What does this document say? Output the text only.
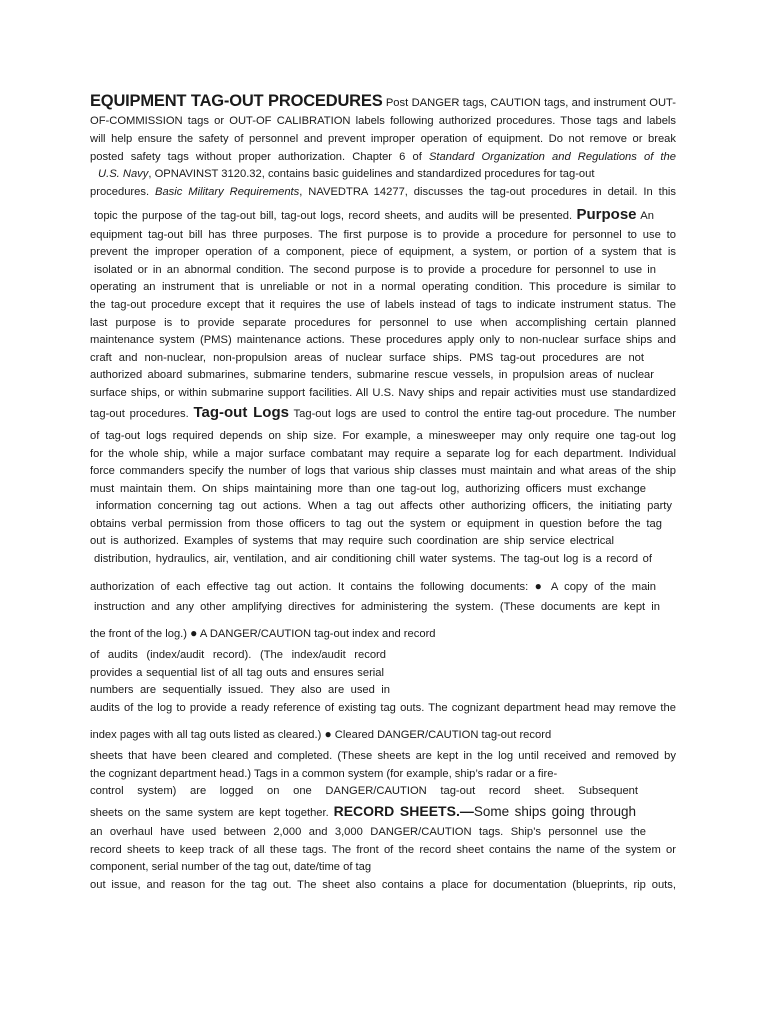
EQUIPMENT TAG-OUT PROCEDURES Post DANGER tags, CAUTION tags, and instrument OUT-
OF-COMMISSION tags or OUT-OF CALIBRATION labels following authorized procedures. Those tags and labels
will help ensure the safety of personnel and prevent improper operation of equipment. Do not remove or break
posted safety tags without proper authorization. Chapter 6 of Standard Organization and Regulations of the
U.S. Navy, OPNAVINST 3120.32, contains basic guidelines and standardized procedures for tag-out
procedures. Basic Military Requirements, NAVEDTRA 14277, discusses the tag-out procedures in detail. In this
topic the purpose of the tag-out bill, tag-out logs, record sheets, and audits will be presented. Purpose An
equipment tag-out bill has three purposes. The first purpose is to provide a procedure for personnel to use to
prevent the improper operation of a component, piece of equipment, a system, or portion of a system that is
isolated or in an abnormal condition. The second purpose is to provide a procedure for personnel to use in
operating an instrument that is unreliable or not in a normal operating condition. This procedure is similar to
the tag-out procedure except that it requires the use of labels instead of tags to indicate instrument status. The
last purpose is to provide separate procedures for personnel to use when accomplishing certain planned
maintenance system (PMS) maintenance actions. These procedures apply only to non-nuclear surface ships and
craft and non-nuclear, non-propulsion areas of nuclear surface ships. PMS tag-out procedures are not
authorized aboard submarines, submarine tenders, submarine rescue vessels, in propulsion areas of nuclear
surface ships, or within submarine support facilities. All U.S. Navy ships and repair activities must use standardized
tag-out procedures. Tag-out Logs Tag-out logs are used to control the entire tag-out procedure. The number
of tag-out logs required depends on ship size. For example, a minesweeper may only require one tag-out log
for the whole ship, while a major surface combatant may require a separate log for each department. Individual
force commanders specify the number of logs that various ship classes must maintain and what areas of the ship
must maintain them. On ships maintaining more than one tag-out log, authorizing officers must exchange
information concerning tag out actions. When a tag out affects other authorizing officers, the initiating party
obtains verbal permission from those officers to tag out the system or equipment in question before the tag
out is authorized. Examples of systems that may require such coordination are ship service electrical
distribution, hydraulics, air, ventilation, and air conditioning chill water systems. The tag-out log is a record of
authorization of each effective tag out action. It contains the following documents: ● A copy of the main
instruction and any other amplifying directives for administering the system. (These documents are kept in
the front of the log.) ● A DANGER/CAUTION tag-out index and record
of audits (index/audit record). (The index/audit record
provides a sequential list of all tag outs and ensures serial
numbers are sequentially issued. They also are used in
audits of the log to provide a ready reference of existing tag outs. The cognizant department head may remove the
index pages with all tag outs listed as cleared.) ● Cleared DANGER/CAUTION tag-out record
sheets that have been cleared and completed. (These sheets are kept in the log until received and removed by
the cognizant department head.) Tags in a common system (for example, ship’s radar or a fire-
control system) are logged on one DANGER/CAUTION tag-out record sheet. Subsequent
sheets on the same system are kept together. RECORD SHEETS.—Some ships going through
an overhaul have used between 2,000 and 3,000 DANGER/CAUTION tags. Ship’s personnel use the
record sheets to keep track of all these tags. The front of the record sheet contains the name of the system or
component, serial number of the tag out, date/time of tag
out issue, and reason for the tag out. The sheet also contains a place for documentation (blueprints, rip outs,
